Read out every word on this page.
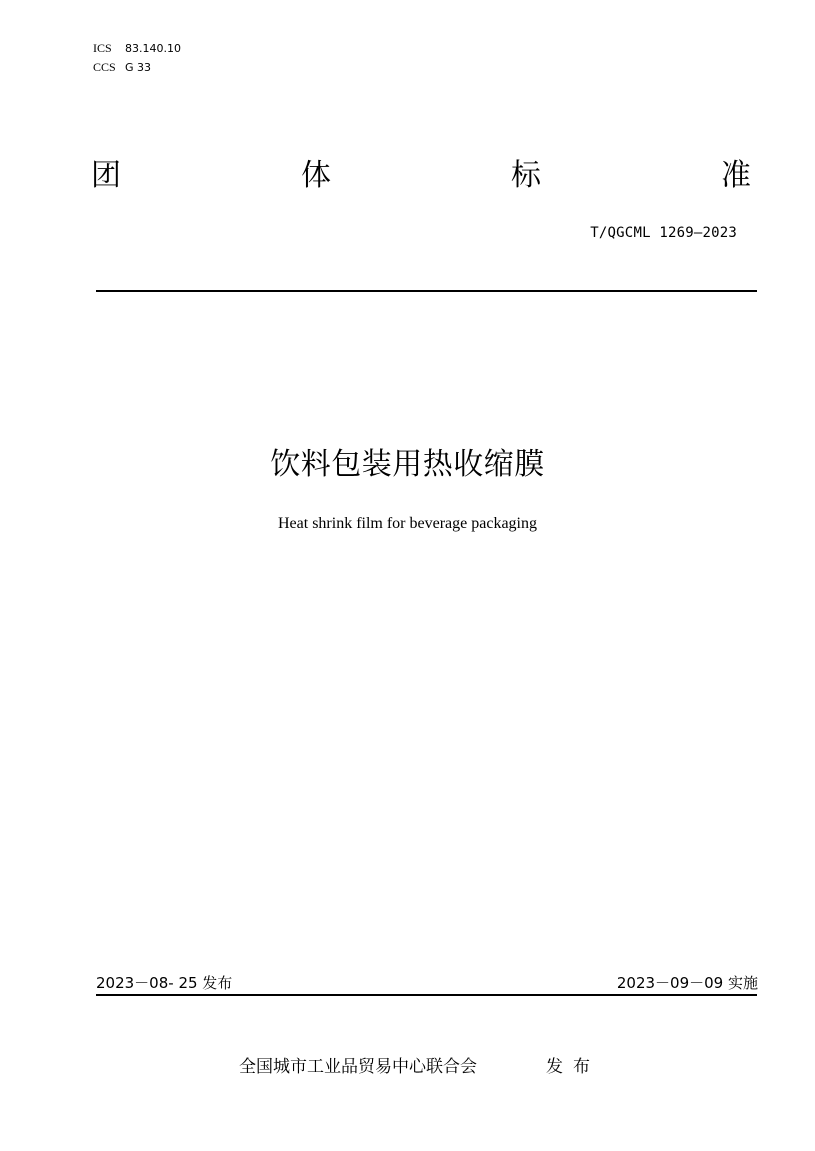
ICS 83.140.10
CCS G 33
团	体	标	准
T/QGCML 1269—2023
饮料包装用热收缩膜
Heat shrink film for beverage packaging
2023－08- 25 发布	2023－09－09 实施
全国城市工业品贸易中心联合会	发布
